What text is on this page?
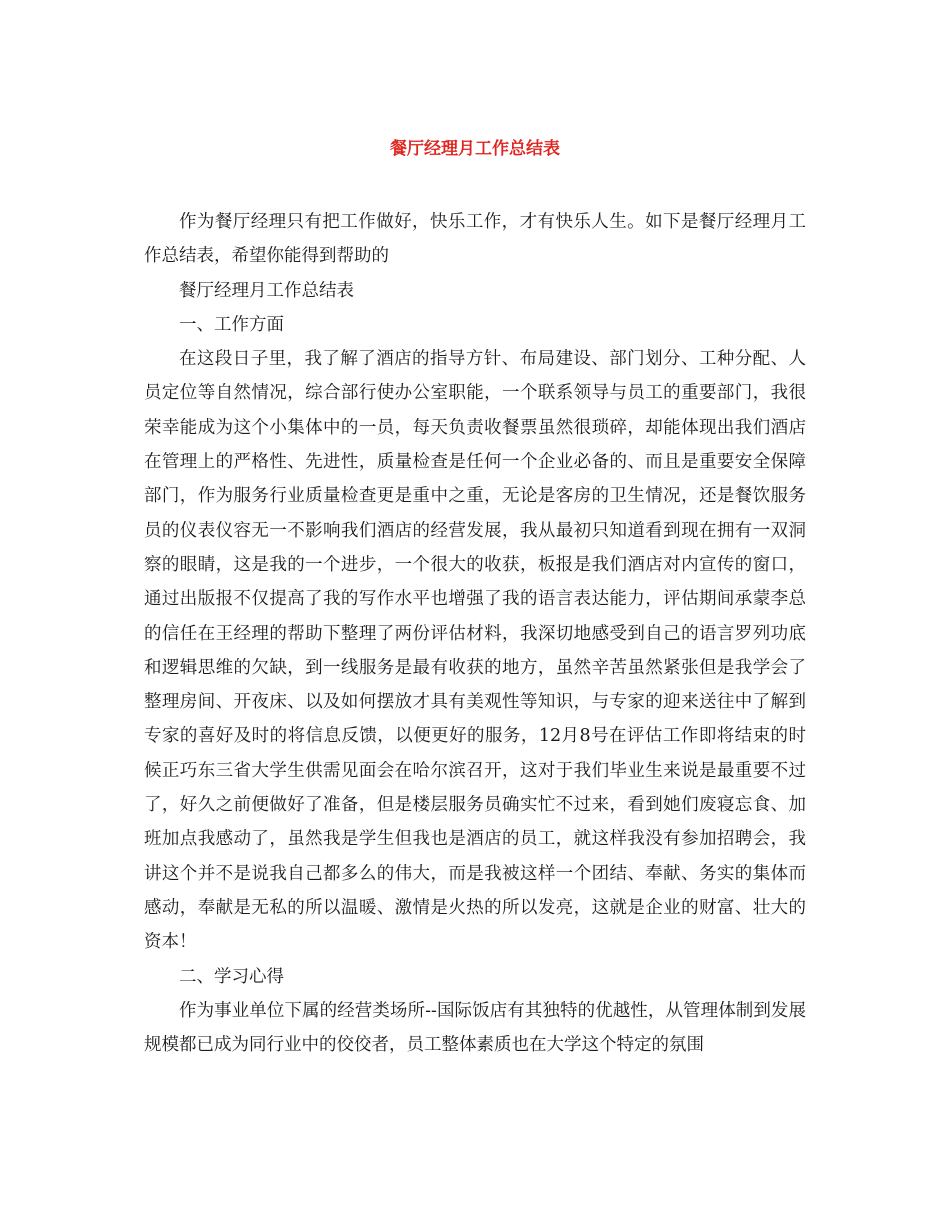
餐厅经理月工作总结表

作为餐厅经理只有把工作做好，快乐工作，才有快乐人生。如下是餐厅经理月工作总结表，希望你能得到帮助的

餐厅经理月工作总结表

一、工作方面

在这段日子里，我了解了酒店的指导方针、布局建设、部门划分、工种分配、人员定位等自然情况，综合部行使办公室职能，一个联系领导与员工的重要部门，我很荣幸能成为这个小集体中的一员，每天负责收餐票虽然很琐碎，却能体现出我们酒店在管理上的严格性、先进性，质量检查是任何一个企业必备的、而且是重要安全保障部门，作为服务行业质量检查更是重中之重，无论是客房的卫生情况，还是餐饮服务员的仪表仪容无一不影响我们酒店的经营发展，我从最初只知道看到现在拥有一双洞察的眼睛，这是我的一个进步，一个很大的收获，板报是我们酒店对内宣传的窗口，通过出版报不仅提高了我的写作水平也增强了我的语言表达能力，评估期间承蒙李总的信任在王经理的帮助下整理了两份评估材料，我深切地感受到自己的语言罗列功底和逻辑思维的欠缺，到一线服务是最有收获的地方，虽然辛苦虽然紧张但是我学会了整理房间、开夜床、以及如何摆放才具有美观性等知识，与专家的迎来送往中了解到专家的喜好及时的将信息反馈，以便更好的服务，12月8号在评估工作即将结束的时候正巧东三省大学生供需见面会在哈尔滨召开，这对于我们毕业生来说是最重要不过了，好久之前便做好了准备，但是楼层服务员确实忙不过来，看到她们废寝忘食、加班加点我感动了，虽然我是学生但我也是酒店的员工，就这样我没有参加招聘会，我讲这个并不是说我自己都多么的伟大，而是我被这样一个团结、奉献、务实的集体而感动，奉献是无私的所以温暖、激情是火热的所以发亮，这就是企业的财富、壮大的资本！

二、学习心得

作为事业单位下属的经营类场所--国际饭店有其独特的优越性，从管理体制到发展规模都已成为同行业中的佼佼者，员工整体素质也在大学这个特定的氛围
